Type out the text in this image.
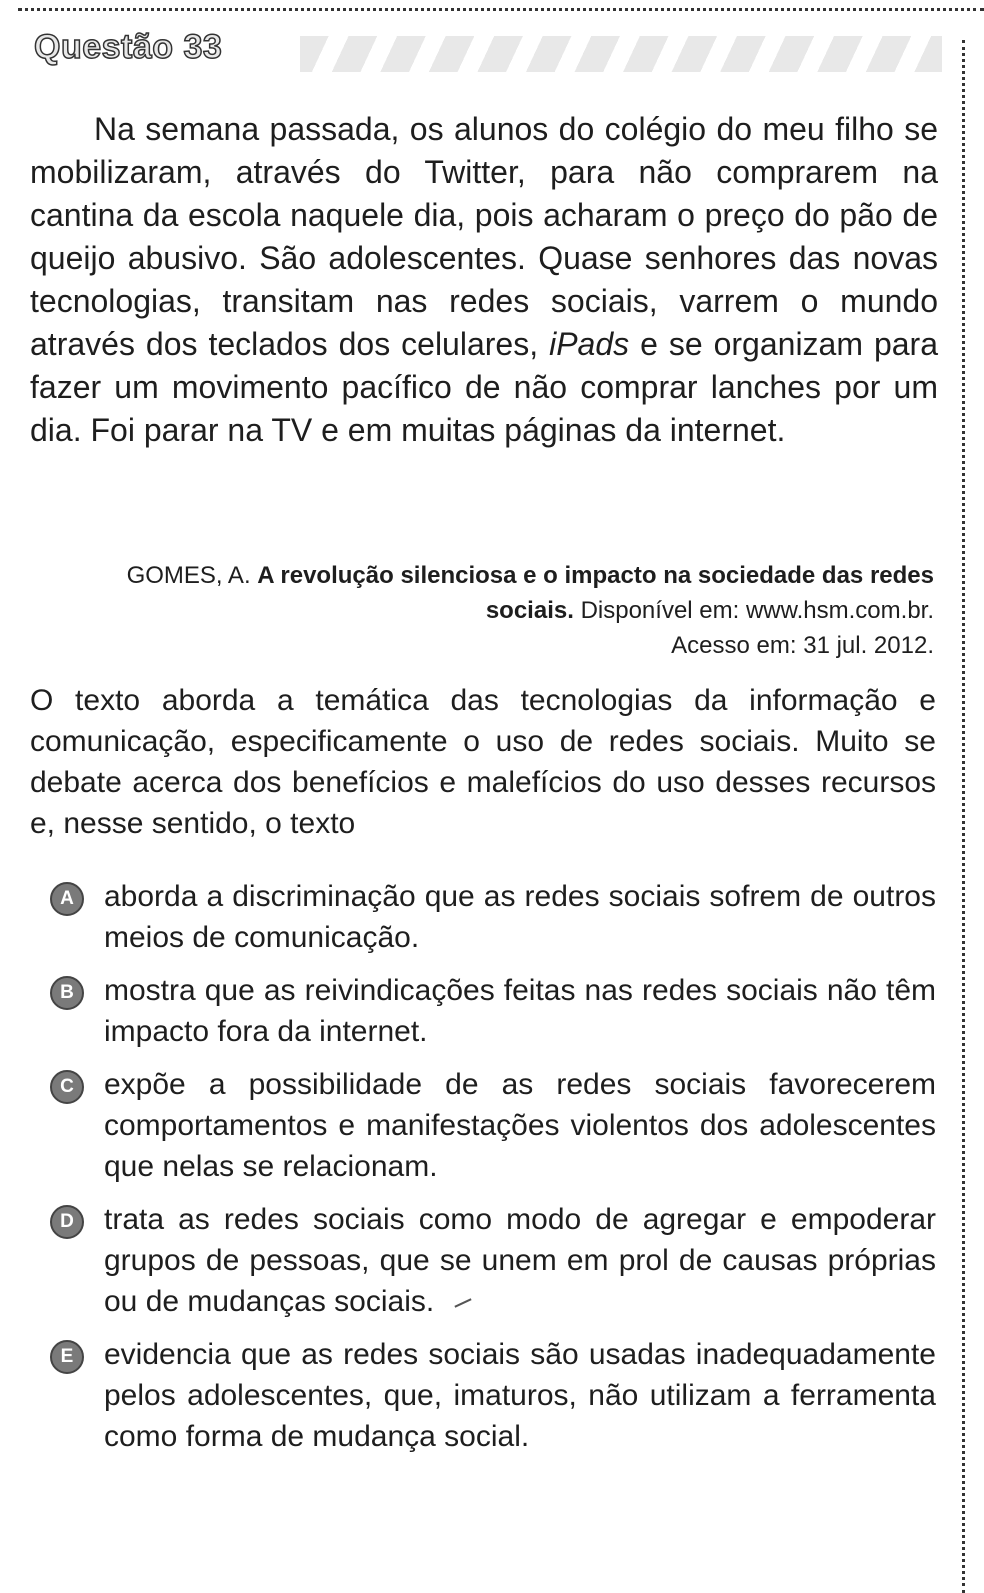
Questão 33

Na semana passada, os alunos do colégio do meu filho se mobilizaram, através do Twitter, para não comprarem na cantina da escola naquele dia, pois acharam o preço do pão de queijo abusivo. São adolescentes. Quase senhores das novas tecnologias, transitam nas redes sociais, varrem o mundo através dos teclados dos celulares, iPads e se organizam para fazer um movimento pacífico de não comprar lanches por um dia. Foi parar na TV e em muitas páginas da internet.

GOMES, A. A revolução silenciosa e o impacto na sociedade das redes sociais. Disponível em: www.hsm.com.br.
Acesso em: 31 jul. 2012.
O texto aborda a temática das tecnologias da informação e comunicação, especificamente o uso de redes sociais. Muito se debate acerca dos benefícios e malefícios do uso desses recursos e, nesse sentido, o texto
A	aborda a discriminação que as redes sociais sofrem de outros meios de comunicação.
B	mostra que as reivindicações feitas nas redes sociais não têm impacto fora da internet.
C	expõe a possibilidade de as redes sociais favorecerem comportamentos e manifestações violentos dos adolescentes que nelas se relacionam.
D	trata as redes sociais como modo de agregar e empoderar grupos de pessoas, que se unem em prol de causas próprias ou de mudanças sociais.
E	evidencia que as redes sociais são usadas inadequadamente pelos adolescentes, que, imaturos, não utilizam a ferramenta como forma de mudança social.
